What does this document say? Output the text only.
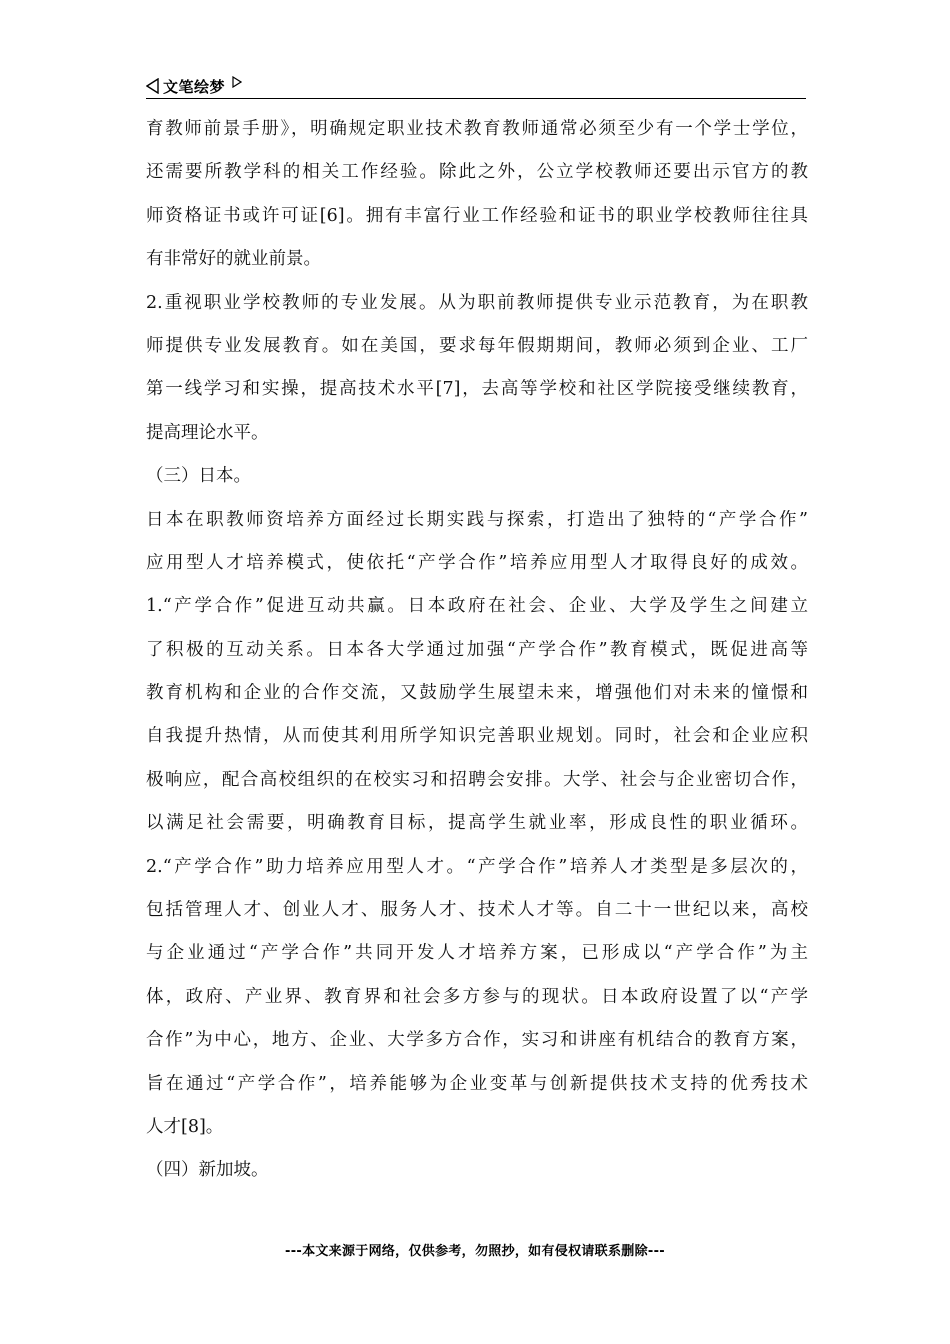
文笔绘梦
育教师前景手册》，明确规定职业技术教育教师通常必须至少有一个学士学位，
还需要所教学科的相关工作经验。除此之外，公立学校教师还要出示官方的教
师资格证书或许可证[6]。拥有丰富行业工作经验和证书的职业学校教师往往具
有非常好的就业前景。
2.重视职业学校教师的专业发展。从为职前教师提供专业示范教育，为在职教
师提供专业发展教育。如在美国，要求每年假期期间，教师必须到企业、工厂
第一线学习和实操，提高技术水平[7]，去高等学校和社区学院接受继续教育，
提高理论水平。
（三）日本。
日本在职教师资培养方面经过长期实践与探索，打造出了独特的“产学合作”
应用型人才培养模式，使依托“产学合作”培养应用型人才取得良好的成效。
1.“产学合作”促进互动共赢。日本政府在社会、企业、大学及学生之间建立
了积极的互动关系。日本各大学通过加强“产学合作”教育模式，既促进高等
教育机构和企业的合作交流，又鼓励学生展望未来，增强他们对未来的憧憬和
自我提升热情，从而使其利用所学知识完善职业规划。同时，社会和企业应积
极响应，配合高校组织的在校实习和招聘会安排。大学、社会与企业密切合作，
以满足社会需要，明确教育目标，提高学生就业率，形成良性的职业循环。
2.“产学合作”助力培养应用型人才。“产学合作”培养人才类型是多层次的，
包括管理人才、创业人才、服务人才、技术人才等。自二十一世纪以来，高校
与企业通过“产学合作”共同开发人才培养方案，已形成以“产学合作”为主
体，政府、产业界、教育界和社会多方参与的现状。日本政府设置了以“产学
合作”为中心，地方、企业、大学多方合作，实习和讲座有机结合的教育方案，
旨在通过“产学合作”，培养能够为企业变革与创新提供技术支持的优秀技术
人才[8]。
（四）新加坡。
---本文来源于网络，仅供参考，勿照抄，如有侵权请联系删除---
